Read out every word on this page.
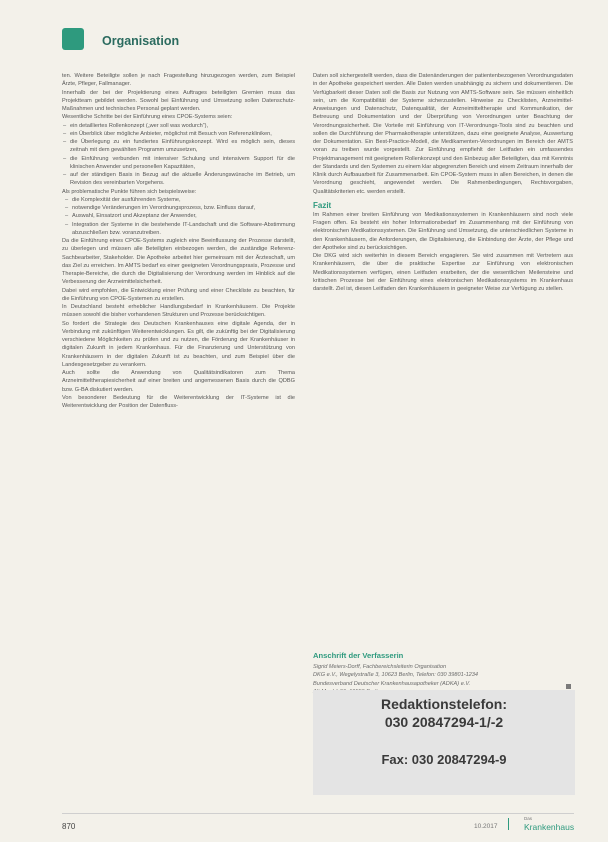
Organisation

ten. Weitere Beteiligte sollen je nach Fragestellung hinzugezogen werden, zum Beispiel Ärzte, Pfleger, Fallmanager.

Innerhalb der bei der Projektierung eines Auftrages beteiligten Gremien muss das Projektteam gebildet werden. Sowohl bei Einführung und Umsetzung sollen Datenschutz-Maßnahmen und technisches Personal geplant werden.

Wesentliche Schritte bei der Einführung eines CPOE-Systems seien:

– ein detailliertes Rollenkonzept („wer soll was wodurch“),
– ein Überblick über mögliche Anbieter, möglichst mit Besuch von Referenzkliniken,
– die Überlegung zu ein fundiertes Einführungskonzept. Wird es möglich sein, dieses zeitnah mit dem gewählten Programm umzusetzen,
– die Einführung verbunden mit intensiver Schulung und intensivem Support für die klinischen Anwender und personellen Kapazitäten,
– auf der ständigen Basis in Bezug auf die aktuelle Änderungswünsche im Betrieb, um Revision des vereinbarten Vorgehens.

Als problematische Punkte führen sich beispielsweise:

– die Komplexität der ausführenden Systeme,
– notwendige Veränderungen im Verordnungsprozess, bzw. Einfluss darauf,
– Auswahl, Einsatzort und Akzeptanz der Anwender,
– Integration der Systeme in die bestehende IT-Landschaft und die Software-Abstimmung abzuschließen bzw. voranzutreiben.

Da die Einführung eines CPOE-Systems zugleich eine Beeinflussung der Prozesse darstellt, zu überlegen und müssen alle Beteiligten einbezogen werden, die zuständige Referenz-Sachbearbeiter, Stakeholder. Die Apotheke arbeitet hier gemeinsam mit der Ärzteschaft, um das Ziel zu erreichen. Im AMTS bedarf es einer geeigneten Verordnungspraxis, Prozesse und Therapie-Bereiche, die durch die Digitalisierung der Verordnung werden im Hinblick auf die Verbesserung der Arzneimittelsicherheit.

Dabei wird empfohlen, die Entwicklung einer Prüfung und einer Checkliste zu beachten, für die Einführung von CPOE-Systemen zu erstellen.

In Deutschland besteht erheblicher Handlungsbedarf in Krankenhäusern. Die Projekte müssen sowohl die bisher vorhandenen Strukturen und Prozesse berücksichtigen.

So fordert die Strategie des Deutschen Krankenhauses eine digitale Agenda, der in Verbindung mit zukünftigen Weiterentwicklungen. Es gilt, die zukünftig bei der Digitalisierung verschiedene Möglichkeiten zu prüfen und zu nutzen, die Förderung der Krankenhäuser in digitalen Zukunft in jedem Krankenhaus. Für die Finanzierung und Unterstützung von Krankenhäusern in der digitalen Zukunft ist zu beachten, und zum Beispiel über die Landesgesetzgeber zu verankern.

Auch sollte die Anwendung von Qualitätsindikatoren zum Thema Arzneimitteltherapiesicherheit auf einer breiten und angemessenen Basis durch die QDBG bzw. G-BA diskutiert werden.

Von besonderer Bedeutung für die Weiterentwicklung der IT-Systeme ist die Weiterentwicklung der Position der Datenfluss-

Daten soll sichergestellt werden, dass die Datenänderungen der patientenbezogenen Verordnungsdaten in der Apotheke gespeichert werden. Alle Daten werden unabhängig zu sichern und dokumentieren. Die Verfügbarkeit dieser Daten soll die Basis zur Nutzung von AMTS-Software sein. Sie müssen einheitlich sein, um die Kompatibilität der Systeme sicherzustellen. Hinweise zu Checklisten, Arzneimittel-Anweisungen und Datenschutz, Datenqualität, der Arzneimitteltherapie und Kommunikation, der Betreuung und Dokumentation und der Überprüfung von Verordnungen unter Beachtung der Verordnungssicherheit. Die Vorteile mit Einführung von IT-Verordnungs-Tools sind zu beachten und sollen die Durchführung der Pharmakotherapie unterstützen, dazu eine geeignete Analyse, Auswertung der Dokumentation. Ein Best-Practice-Modell, die Medikamenten-Verordnungen im Bereich der AMTS voran zu treiben wurde vorgestellt. Zur Einführung empfiehlt der Leitfaden ein umfassendes Projektmanagement mit geeignetem Rollenkonzept und den Einbezug aller Beteiligten, das mit Kenntnis der Standards und den Systemen zu einem klar abgegrenzten Bereich und einem Zeitraum innerhalb der Klinik durch Aufbauarbeit für Zusammenarbeit. Ein CPOE-System muss in allen Bereichen, in denen die Verordnung geschieht, angewendet werden. Die Rahmenbedingungen, Rechtsvorgaben, Qualitätskriterien etc. werden erstellt.

Fazit

Im Rahmen einer breiten Einführung von Medikationssystemen in Krankenhäusern sind noch viele Fragen offen. Es besteht ein hoher Informationsbedarf im Zusammenhang mit der Einführung von elektronischen Medikationssystemen. Die Einführung und Umsetzung, die unterschiedlichen Systeme in den Krankenhäusern, die Anforderungen, die Digitalisierung, die Einbindung der Ärzte, der Pflege und der Apotheke sind zu berücksichtigen.

Die DKG wird sich weiterhin in diesem Bereich engagieren. Sie wird zusammen mit Vertretern aus Krankenhäusern, die über die praktische Expertise zur Einführung von elektronischen Medikationssystemen verfügen, einen Leitfaden erarbeiten, der die wesentlichen Meilensteine und kritischen Prozesse bei der Einführung eines elektronischen Medikationssystems im Krankenhaus darstellt. Ziel ist, diesen Leitfaden den Krankenhäusern in geeigneter Weise zur Verfügung zu stellen.

Anschrift der Verfasserin
Sigrid Meiers-Dorff, Fachbereichsleiterin Organisation
DKG e.V., Wegelystraße 3, 10623 Berlin, Telefon: 030 39801-1234
Bundesverband Deutscher Krankenhausapotheker (ADKA) e.V.
Redaktionstelefon:
030 20847294-1/-2
Fax: 030 20847294-9
870	10.2017
Das
Krankenhaus
